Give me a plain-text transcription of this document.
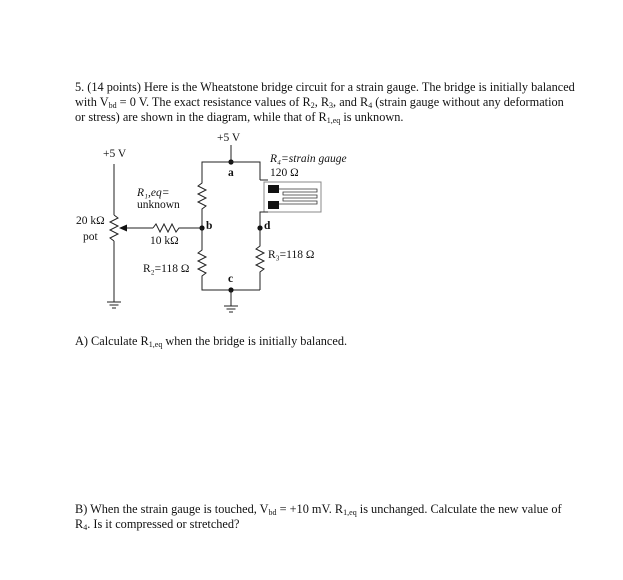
5. (14 points) Here is the Wheatstone bridge circuit for a strain gauge. The bridge is initially balanced with $V_{bd} = 0$ V. The exact resistance values of $R_2$, $R_3$, and $R_4$ (strain gauge without any deformation or stress) are shown in the diagram, while that of $R_{1,eq}$ is unknown.

+5 V
a
R₁,eq=
unknown
b
R₂=118 Ω
R₄=strain gauge
120 Ω
d
R₃=118 Ω
c
+5 V
20 kΩ
pot	10 kΩ

A) Calculate $R_{1,eq}$ when the bridge is initially balanced.

B) When the strain gauge is touched, $V_{bd} = +10$ mV. $R_{1,eq}$ is unchanged. Calculate the new value of $R_4$. Is it compressed or stretched?
